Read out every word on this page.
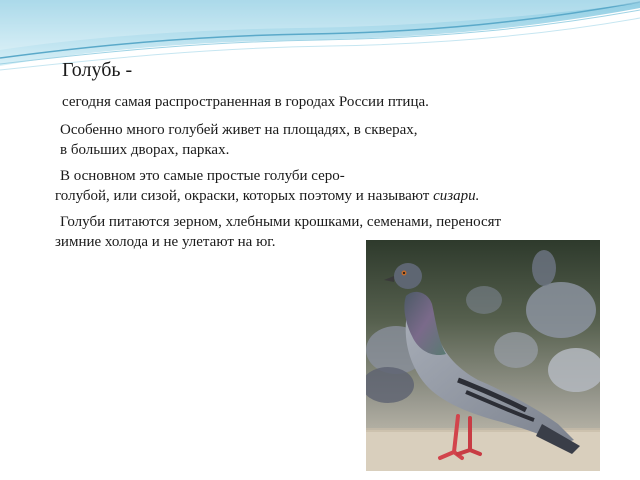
Голубь -
сегодня самая распространенная в городах России птица.
Особенно много голубей живет на площадях, в скверах,
в больших дворах, парках.
В основном это самые простые голуби серо-
голубой, или сизой, окраски, которых поэтому и называют сизари.
Голуби питаются зерном, хлебными крошками, семенами, переносят
зимние холода и не улетают на юг.
